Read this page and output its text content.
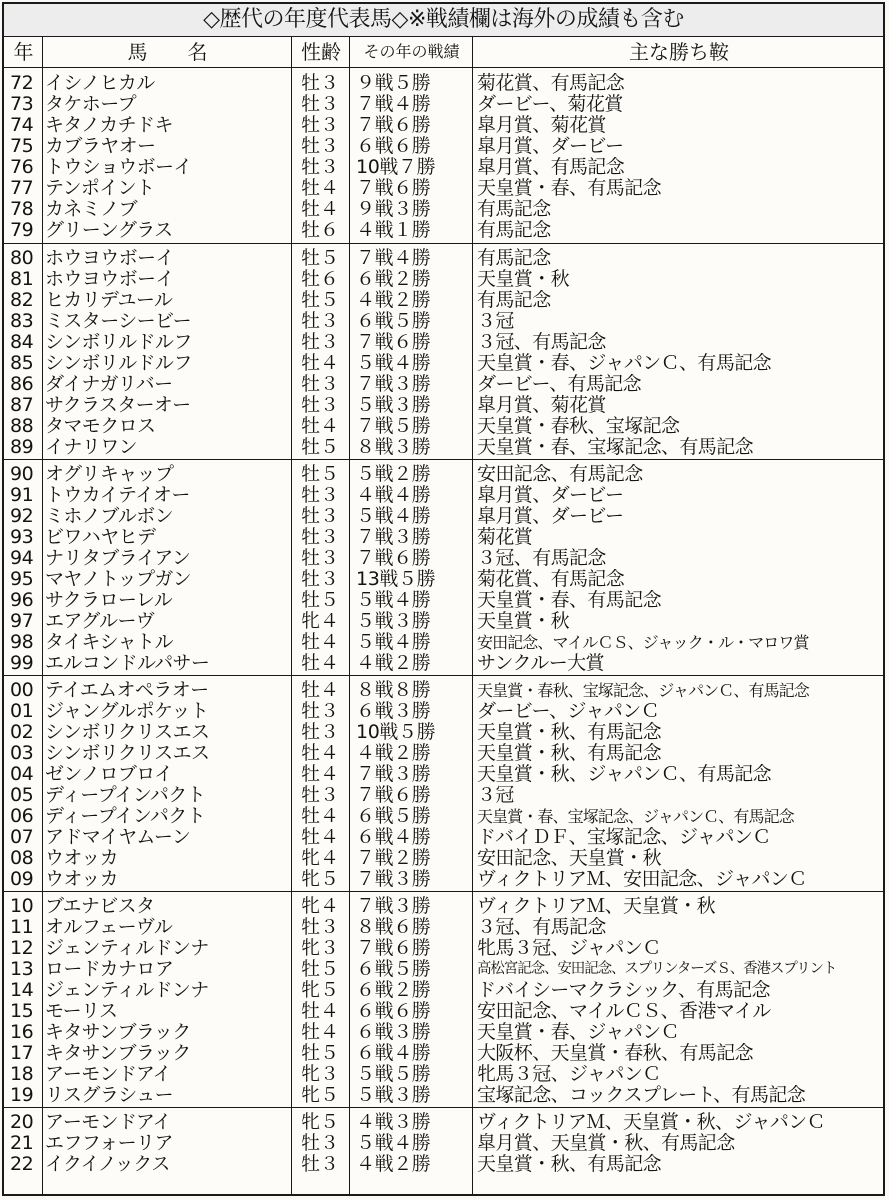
◇歴代の年度代表馬◇※戦績欄は海外の成績も含む
年	馬　　名	性齢	その年の戦績	主な勝ち鞍
72 イシノヒカル	牡３ ９戦５勝	菊花賞、有馬記念
73 タケホープ	牡３ ７戦４勝	ダービー、菊花賞
74 キタノカチドキ	牡３ ７戦６勝	皐月賞、菊花賞
75 カブラヤオー	牡３ ６戦６勝	皐月賞、ダービー
76 トウショウボーイ	牡３ 10戦７勝	皐月賞、有馬記念
77 テンポイント	牡４ ７戦６勝	天皇賞・春、有馬記念
78 カネミノブ	牡４ ９戦３勝	有馬記念
79 グリーングラス	牡６ ４戦１勝	有馬記念
80 ホウヨウボーイ	牡５ ７戦４勝	有馬記念
81 ホウヨウボーイ	牡６ ６戦２勝	天皇賞・秋
82 ヒカリデユール	牡５ ４戦２勝	有馬記念
83 ミスターシービー	牡３ ６戦５勝	３冠
84 シンボリルドルフ	牡３ ７戦６勝	３冠、有馬記念
85 シンボリルドルフ	牡４ ５戦４勝	天皇賞・春、ジャパンＣ、有馬記念
86 ダイナガリバー	牡３ ７戦３勝	ダービー、有馬記念
87 サクラスターオー	牡３ ５戦３勝	皐月賞、菊花賞
88 タマモクロス	牡４ ７戦５勝	天皇賞・春秋、宝塚記念
89 イナリワン	牡５ ８戦３勝	天皇賞・春、宝塚記念、有馬記念
90 オグリキャップ	牡５ ５戦２勝	安田記念、有馬記念
91 トウカイテイオー	牡３ ４戦４勝	皐月賞、ダービー
92 ミホノブルボン	牡３ ５戦４勝	皐月賞、ダービー
93 ビワハヤヒデ	牡３ ７戦３勝	菊花賞
94 ナリタブライアン	牡３ ７戦６勝	３冠、有馬記念
95 マヤノトップガン	牡３ 13戦５勝	菊花賞、有馬記念
96 サクラローレル	牡５ ５戦４勝	天皇賞・春、有馬記念
97 エアグルーヴ	牝４ ５戦３勝	天皇賞・秋
98 タイキシャトル	牡４ ５戦４勝	安田記念、マイルＣＳ、ジャック・ル・マロワ賞
99 エルコンドルパサー	牡４ ４戦２勝	サンクルー大賞
00 テイエムオペラオー	牡４ ８戦８勝	天皇賞・春秋、宝塚記念、ジャパンＣ、有馬記念
01 ジャングルポケット	牡３ ６戦３勝	ダービー、ジャパンＣ
02 シンボリクリスエス	牡３ 10戦５勝	天皇賞・秋、有馬記念
03 シンボリクリスエス	牡４ ４戦２勝	天皇賞・秋、有馬記念
04 ゼンノロブロイ	牡４ ７戦３勝	天皇賞・秋、ジャパンＣ、有馬記念
05 ディープインパクト	牡３ ７戦６勝	３冠
06 ディープインパクト	牡４ ６戦５勝	天皇賞・春、宝塚記念、ジャパンＣ、有馬記念
07 アドマイヤムーン	牡４ ６戦４勝	ドバイＤＦ、宝塚記念、ジャパンＣ
08 ウオッカ	牝４ ７戦２勝	安田記念、天皇賞・秋
09 ウオッカ	牝５ ７戦３勝	ヴィクトリアＭ、安田記念、ジャパンＣ
10 ブエナビスタ	牝４ ７戦３勝	ヴィクトリアＭ、天皇賞・秋
11 オルフェーヴル	牡３ ８戦６勝	３冠、有馬記念
12 ジェンティルドンナ	牝３ ７戦６勝	牝馬３冠、ジャパンＣ
13 ロードカナロア	牡５ ６戦５勝	高松宮記念、安田記念、スプリンターズＳ、香港スプリント
14 ジェンティルドンナ	牝５ ６戦２勝	ドバイシーマクラシック、有馬記念
15 モーリス	牡４ ６戦６勝	安田記念、マイルＣＳ、香港マイル
16 キタサンブラック	牡４ ６戦３勝	天皇賞・春、ジャパンＣ
17 キタサンブラック	牡５ ６戦４勝	大阪杯、天皇賞・春秋、有馬記念
18 アーモンドアイ	牝３ ５戦５勝	牝馬３冠、ジャパンＣ
19 リスグラシュー	牝５ ５戦３勝	宝塚記念、コックスプレート、有馬記念
20 アーモンドアイ	牝５ ４戦３勝	ヴィクトリアＭ、天皇賞・秋、ジャパンＣ
21 エフフォーリア	牡３ ５戦４勝	皐月賞、天皇賞・秋、有馬記念
22 イクイノックス	牡３ ４戦２勝	天皇賞・秋、有馬記念
